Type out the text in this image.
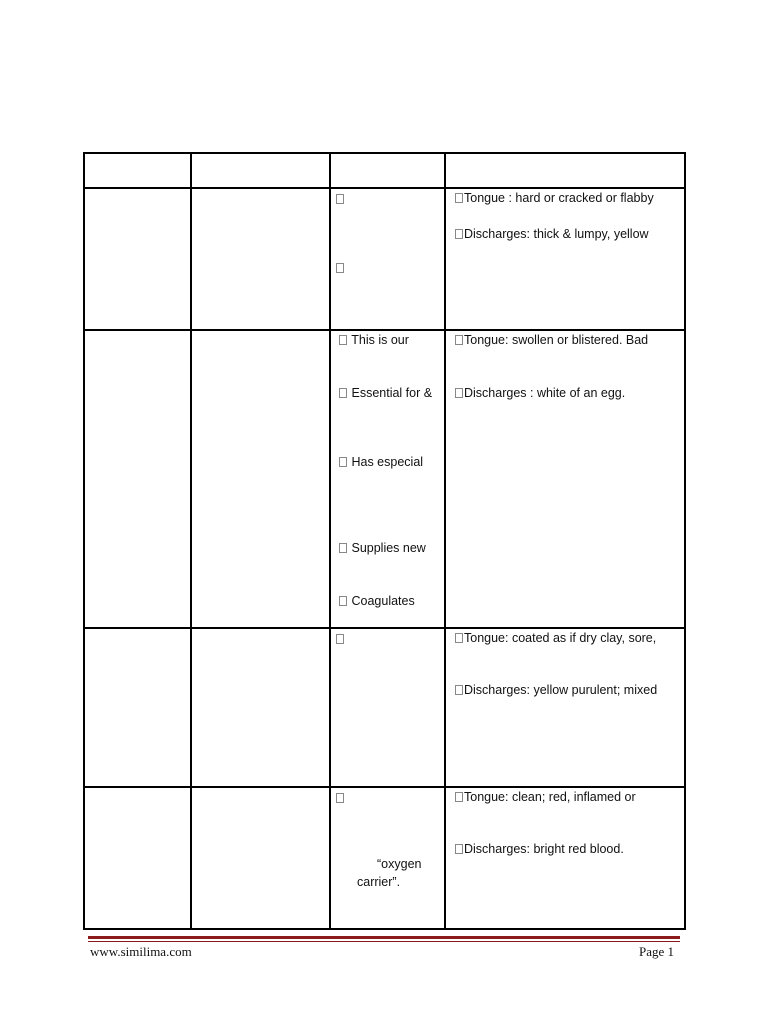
Tongue : hard or cracked or flabby
Discharges: thick & lumpy, yellow
This is our
Essential for &
Has especial
Supplies new
Coagulates
Tongue: swollen or blistered. Bad
Discharges : white of an egg.
Tongue: coated as if dry clay, sore,
Discharges: yellow purulent; mixed
“oxygen
carrier”.
Tongue: clean; red, inflamed or
Discharges: bright red blood.
www.similima.com	Page 1
